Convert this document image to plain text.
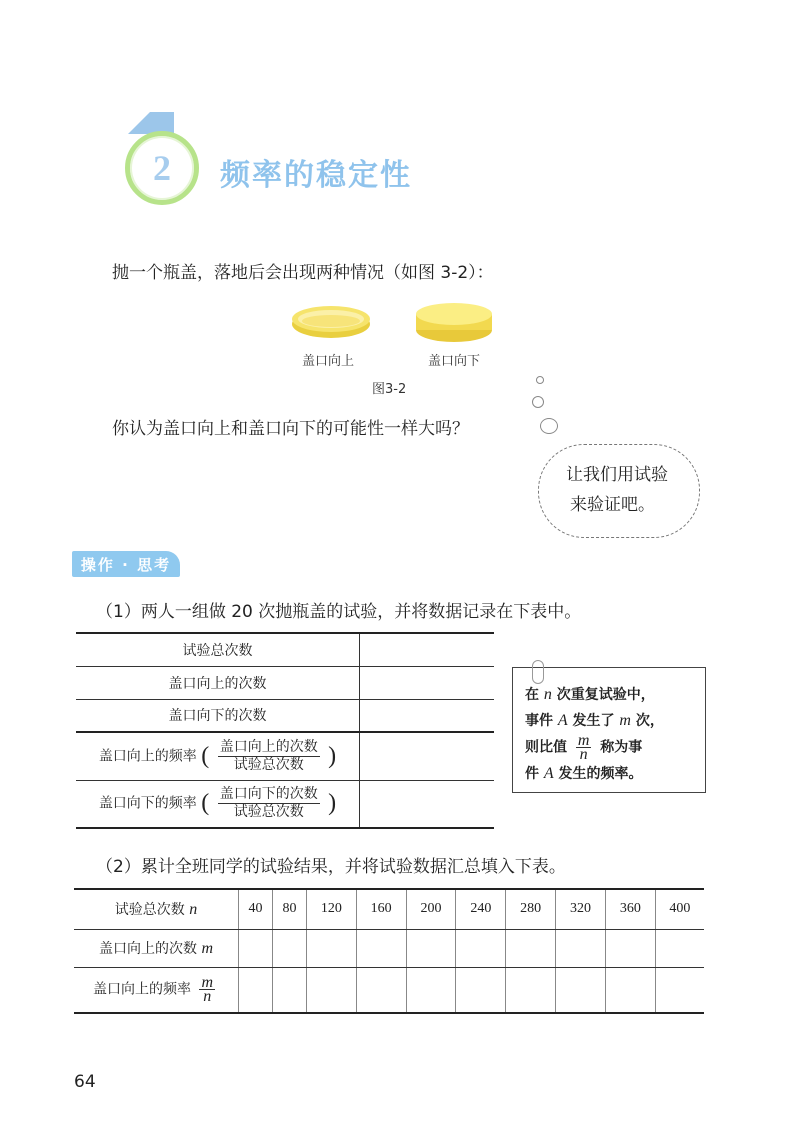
2 频率的稳定性
抛一个瓶盖，落地后会出现两种情况（如图 3-2）：
盖口向上	盖口向下
图3-2
你认为盖口向上和盖口向下的可能性一样大吗？
让我们用试验
来验证吧。
操作 · 思考
（1）两人一组做 20 次抛瓶盖的试验，并将数据记录在下表中。
试验总次数	
盖口向上的次数	
盖口向下的次数	
盖口向上的频率 ( $\frac{\text{盖口向上的次数}}{\text{试验总次数}}$ )	
盖口向下的频率 ( $\frac{\text{盖口向下的次数}}{\text{试验总次数}}$ )	
在 n 次重复试验中，
事件 A 发生了 m 次，
则比值 $\frac{m}{n}$ 称为事
件 A 发生的频率。
（2）累计全班同学的试验结果，并将试验数据汇总填入下表。
试验总次数 n	40	80	120	160	200	240	280	320	360	400
盖口向上的次数 m										
盖口向上的频率 $\frac{m}{n}$

64
